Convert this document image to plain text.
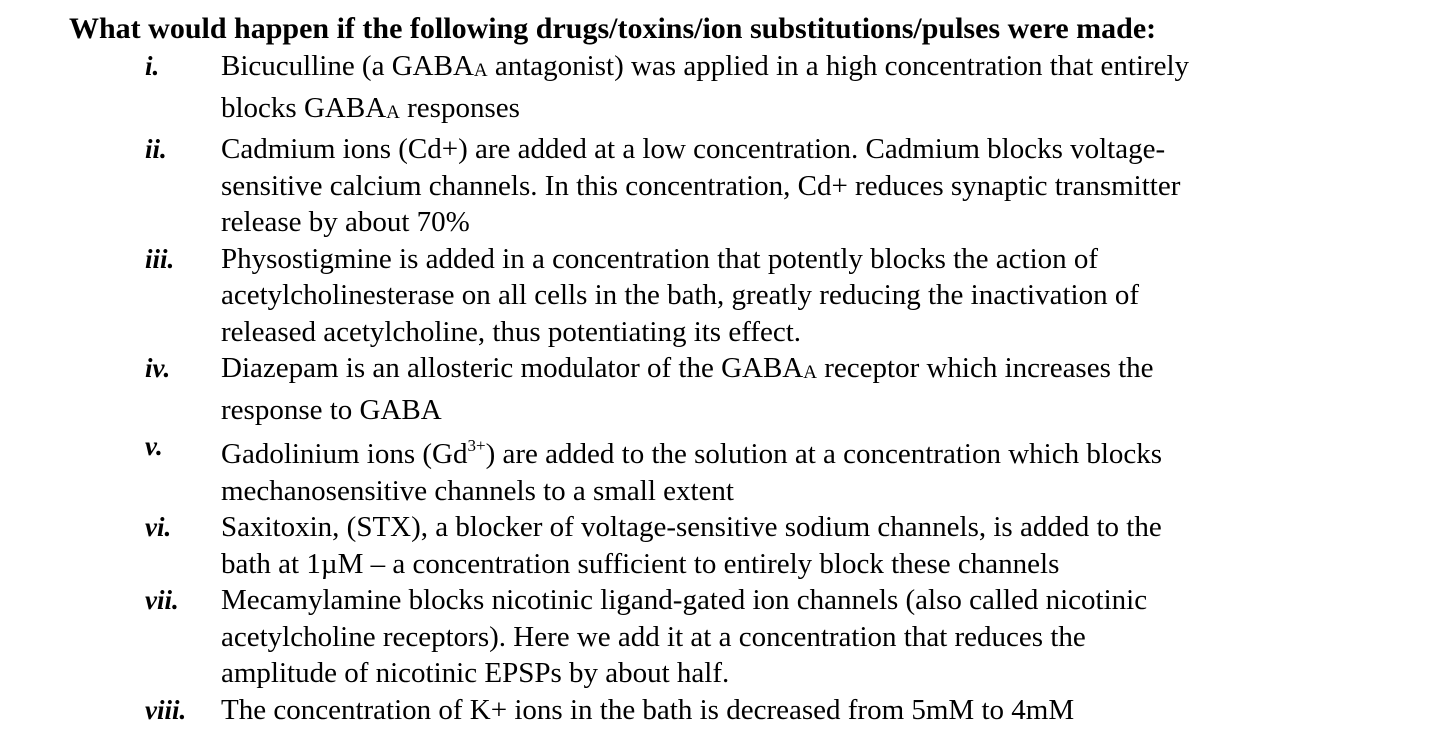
What would happen if the following drugs/toxins/ion substitutions/pulses were made:
i. Bicuculline (a GABAA antagonist) was applied in a high concentration that entirely
blocks GABAA responses
ii. Cadmium ions (Cd+) are added at a low concentration. Cadmium blocks voltage-
sensitive calcium channels. In this concentration, Cd+ reduces synaptic transmitter
release by about 70%
iii. Physostigmine is added in a concentration that potently blocks the action of
acetylcholinesterase on all cells in the bath, greatly reducing the inactivation of
released acetylcholine, thus potentiating its effect.
iv. Diazepam is an allosteric modulator of the GABAA receptor which increases the
response to GABA
v. Gadolinium ions $(Gd^{3+})$ are added to the solution at a concentration which blocks
mechanosensitive channels to a small extent
vi. Saxitoxin, (STX), a blocker of voltage-sensitive sodium channels, is added to the
bath at 1µM – a concentration sufficient to entirely block these channels
vii. Mecamylamine blocks nicotinic ligand-gated ion channels (also called nicotinic
acetylcholine receptors). Here we add it at a concentration that reduces the
amplitude of nicotinic EPSPs by about half.
viii. The concentration of K+ ions in the bath is decreased from 5mM to 4mM
